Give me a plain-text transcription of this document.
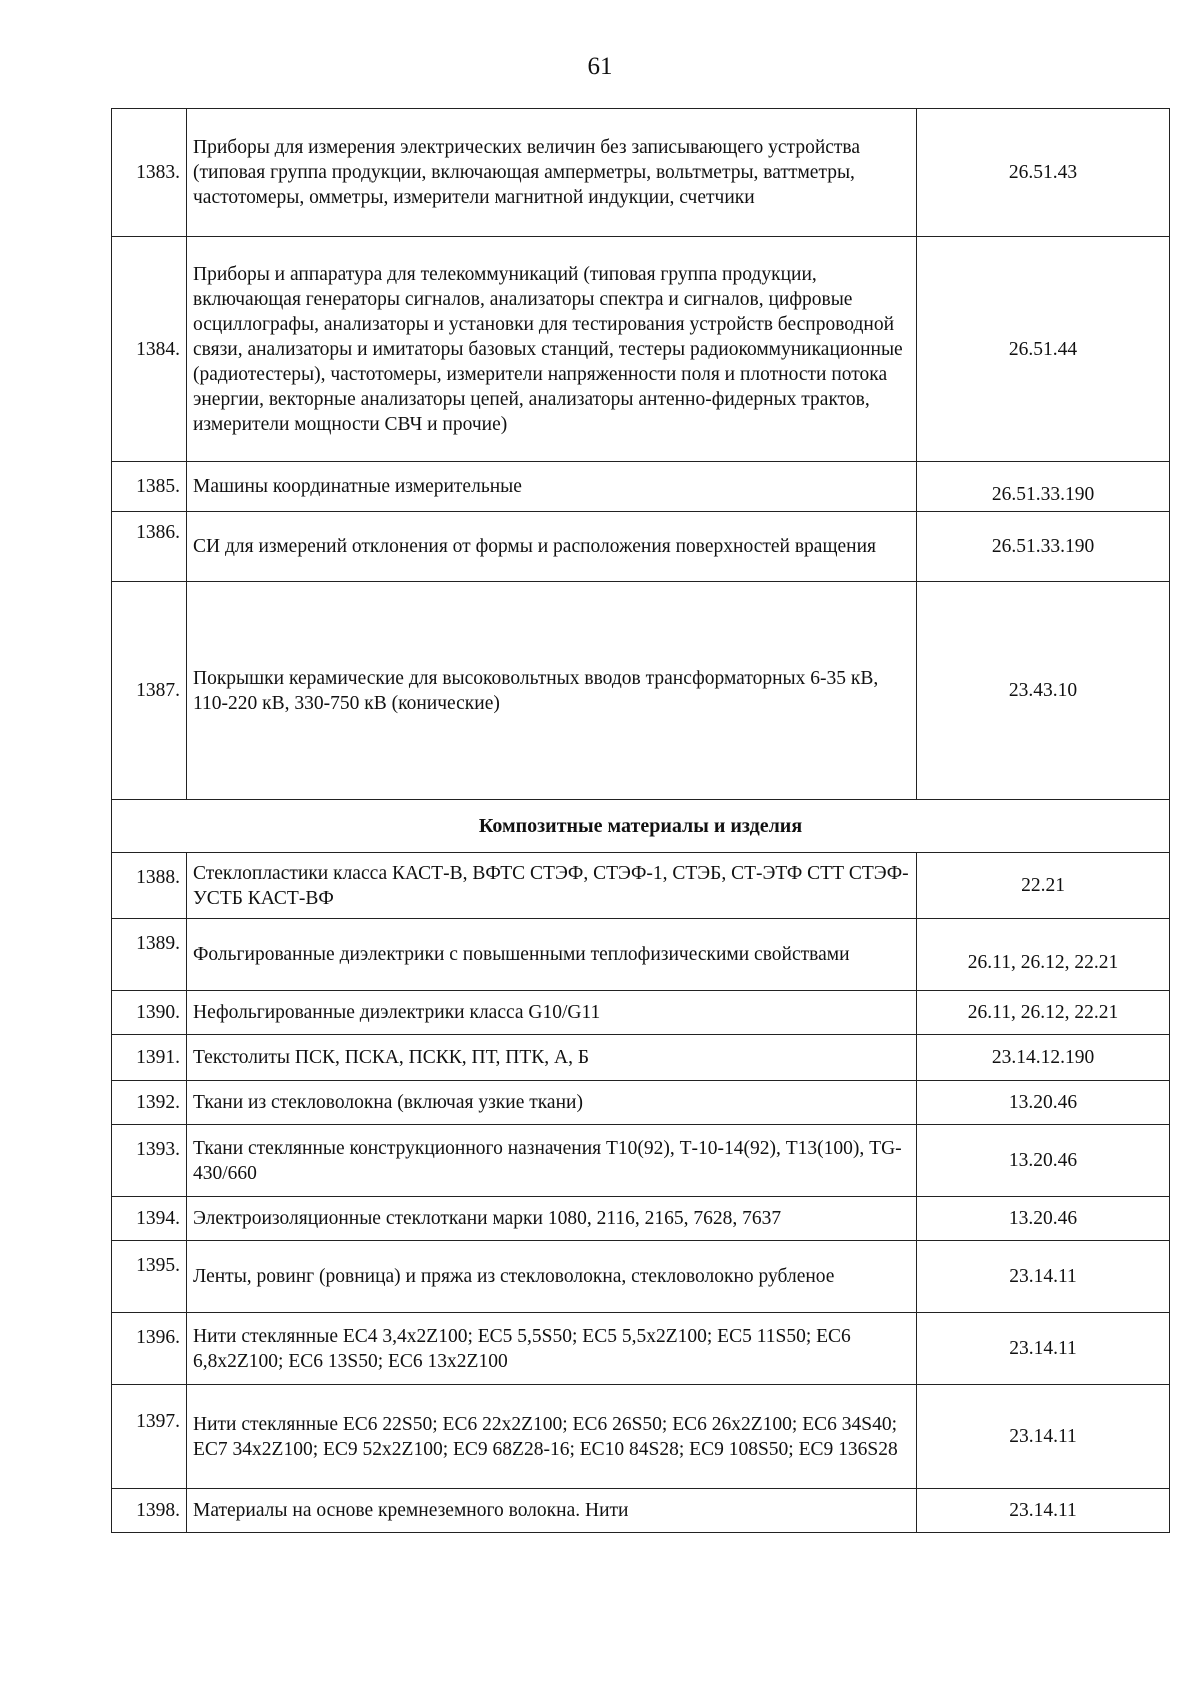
61
1383.	Приборы для измерения электрических величин без записывающего устройства (типовая группа продукции, включающая амперметры, вольтметры, ваттметры, частотомеры, омметры, измерители магнитной индукции, счетчики	26.51.43
1384.	Приборы и аппаратура для телекоммуникаций (типовая группа продукции, включающая генераторы сигналов, анализаторы спектра и сигналов, цифровые осциллографы, анализаторы и установки для тестирования устройств беспроводной связи, анализаторы и имитаторы базовых станций, тестеры радиокоммуникационные (радиотестеры), частотомеры, измерители напряженности поля и плотности потока энергии, векторные анализаторы цепей, анализаторы антенно-фидерных трактов, измерители мощности СВЧ и прочие)	26.51.44
1385.	Машины координатные измерительные	26.51.33.190
1386.	СИ для измерений отклонения от формы и расположения поверхностей вращения	26.51.33.190
1387.	Покрышки керамические для высоковольтных вводов трансформаторных 6-35 кВ, 110-220 кВ, 330-750 кВ (конические)	23.43.10
Композитные материалы и изделия		
1388.	Стеклопластики класса КАСТ-В, ВФТС СТЭФ, СТЭФ-1, СТЭБ, СТ-ЭТФ СТТ СТЭФ-УСТБ КАСТ-ВФ	22.21
1389.	Фольгированные диэлектрики с повышенными теплофизическими свойствами	26.11, 26.12, 22.21
1390.	Нефольгированные диэлектрики класса G10/G11	26.11, 26.12, 22.21
1391.	Текстолиты ПСК, ПСКА, ПСКК, ПТ, ПТК, А, Б	23.14.12.190
1392.	Ткани из стекловолокна (включая узкие ткани)	13.20.46
1393.	Ткани стеклянные конструкционного назначения Т10(92), Т-10-14(92), Т13(100), TG-430/660	13.20.46
1394.	Электроизоляционные стеклоткани марки 1080, 2116, 2165, 7628, 7637	13.20.46
1395.	Ленты, ровинг (ровница) и пряжа из стекловолокна, стекловолокно рубленое	23.14.11
1396.	Нити стеклянные ЕС4 3,4х2Z100; ЕС5 5,5S50; ЕС5 5,5х2Z100; ЕС5 11S50; ЕС6 6,8х2Z100; ЕС6 13S50; ЕС6 13х2Z100	23.14.11
1397.	Нити стеклянные ЕС6 22S50; ЕС6 22х2Z100; ЕС6 26S50; ЕС6 26х2Z100; ЕС6 34S40; ЕС7 34х2Z100; ЕС9 52х2Z100; ЕС9 68Z28-16; ЕС10 84S28; ЕС9 108S50; ЕС9 136S28	23.14.11
1398.	Материалы на основе кремнеземного волокна. Нити	23.14.11
